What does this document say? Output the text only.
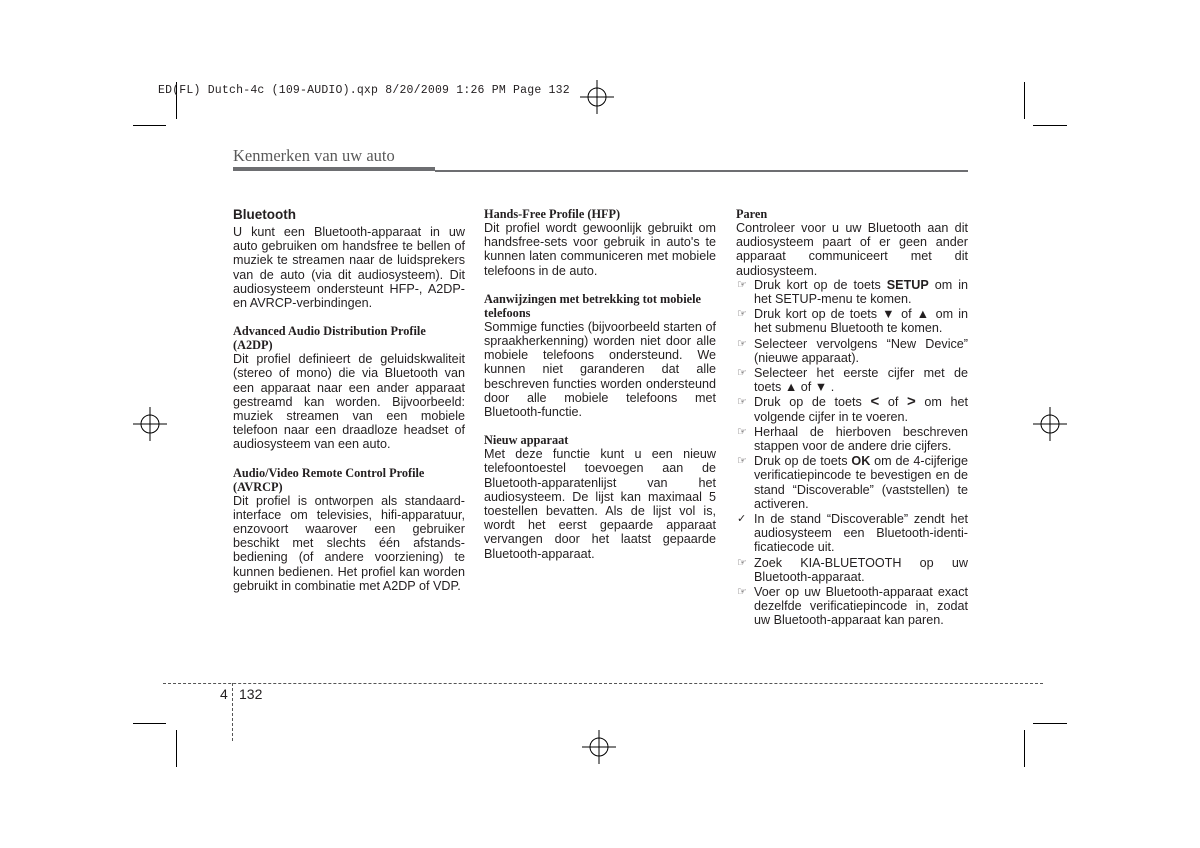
ED(FL) Dutch-4c (109-AUDIO).qxp 8/20/2009 1:26 PM Page 132
Kenmerken van uw auto
Bluetooth

U kunt een Bluetooth-apparaat in uw auto gebruiken om handsfree te bellen of muziek te streamen naar de luidsprekers van de auto (via dit audiosysteem). Dit audiosysteem ondersteunt HFP-, A2DP- en AVRCP-verbindingen.

Advanced Audio Distribution Profile (A2DP)

Dit profiel definieert de geluidskwaliteit (stereo of mono) die via Bluetooth van een apparaat naar een ander apparaat gestreamd kan worden. Bijvoorbeeld: muziek streamen van een mobiele telefoon naar een draadloze headset of audiosysteem van een auto.

Audio/Video Remote Control Profile (AVRCP)

Dit profiel is ontworpen als standaard-interface om televisies, hifi-apparatuur, enzovoort waarover een gebruiker beschikt met slechts één afstands-bediening (of andere voorziening) te kunnen bedienen. Het profiel kan worden gebruikt in combinatie met A2DP of VDP.

Hands-Free Profile (HFP)

Dit profiel wordt gewoonlijk gebruikt om handsfree-sets voor gebruik in auto's te kunnen laten communiceren met mobiele telefoons in de auto.

Aanwijzingen met betrekking tot mobiele telefoons

Sommige functies (bijvoorbeeld starten of spraakherkenning) worden niet door alle mobiele telefoons ondersteund. We kunnen niet garanderen dat alle beschreven functies worden ondersteund door alle mobiele telefoons met Bluetooth-functie.

Nieuw apparaat

Met deze functie kunt u een nieuw telefoontoestel toevoegen aan de Bluetooth-apparatenlijst van het audiosysteem. De lijst kan maximaal 5 toestellen bevatten. Als de lijst vol is, wordt het eerst gepaarde apparaat vervangen door het laatst gepaarde Bluetooth-apparaat.

Paren

Controleer voor u uw Bluetooth aan dit audiosysteem paart of er geen ander apparaat communiceert met dit audiosysteem.

☞ Druk kort op de toets SETUP om in het SETUP-menu te komen.
☞ Druk kort op de toets ▼ of ▲ om in het submenu Bluetooth te komen.
☞ Selecteer vervolgens “New Device” (nieuwe apparaat).
☞ Selecteer het eerste cijfer met de toets ▲ of ▼ .
☞ Druk op de toets < of > om het volgende cijfer in te voeren.
☞ Herhaal de hierboven beschreven stappen voor de andere drie cijfers.
☞ Druk op de toets OK om de 4-cijferige verificatiepincode te bevestigen en de stand “Discoverable” (vaststellen) te activeren.
✓ In de stand “Discoverable” zendt het audiosysteem een Bluetooth-identi-ficatiecode uit.
☞ Zoek KIA-BLUETOOTH op uw Bluetooth-apparaat.
☞ Voer op uw Bluetooth-apparaat exact dezelfde verificatiepincode in, zodat uw Bluetooth-apparaat kan paren.
4 132
